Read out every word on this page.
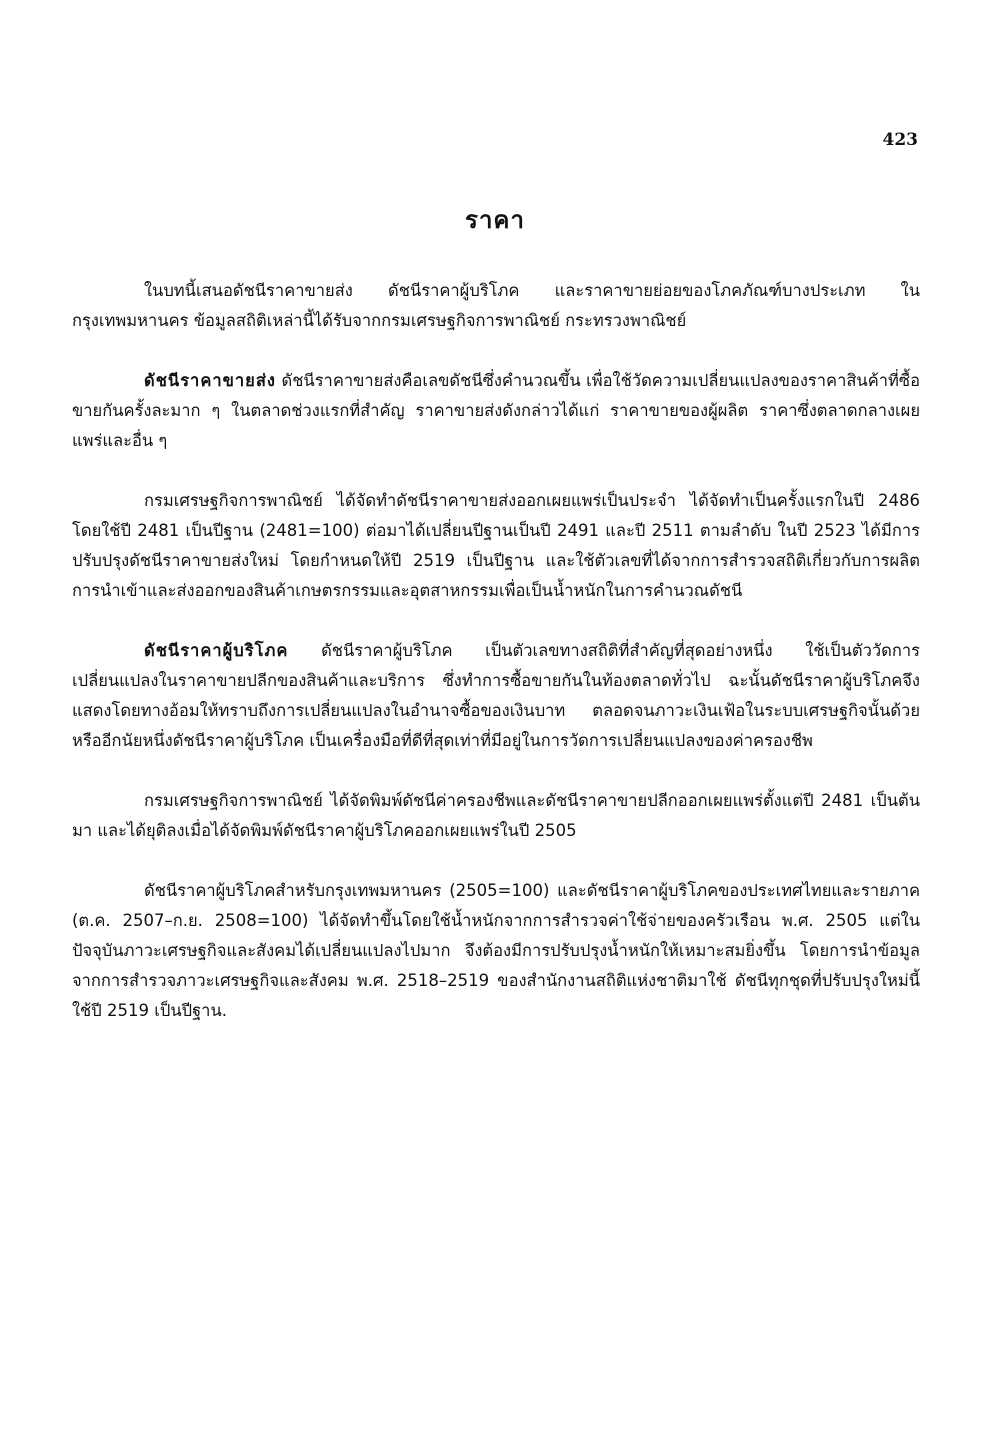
423
ราคา

ในบทนี้เสนอดัชนีราคาขายส่ง ดัชนีราคาผู้บริโภค และราคาขายย่อยของโภคภัณฑ์บางประเภท ในกรุงเทพมหานคร ข้อมูลสถิติเหล่านี้ได้รับจากกรมเศรษฐกิจการพาณิชย์ กระทรวงพาณิชย์

ดัชนีราคาขายส่ง ดัชนีราคาขายส่งคือเลขดัชนีซึ่งคำนวณขึ้น เพื่อใช้วัดความเปลี่ยนแปลงของราคาสินค้าที่ซื้อขายกันครั้งละมาก ๆ ในตลาดช่วงแรกที่สำคัญ ราคาขายส่งดังกล่าวได้แก่ ราคาขายของผู้ผลิต ราคาซึ่งตลาดกลางเผยแพร่และอื่น ๆ

กรมเศรษฐกิจการพาณิชย์ ได้จัดทำดัชนีราคาขายส่งออกเผยแพร่เป็นประจำ ได้จัดทำเป็นครั้งแรกในปี 2486 โดยใช้ปี 2481 เป็นปีฐาน (2481=100) ต่อมาได้เปลี่ยนปีฐานเป็นปี 2491 และปี 2511 ตามลำดับ ในปี 2523 ได้มีการปรับปรุงดัชนีราคาขายส่งใหม่ โดยกำหนดให้ปี 2519 เป็นปีฐาน และใช้ตัวเลขที่ได้จากการสำรวจสถิติเกี่ยวกับการผลิต การนำเข้าและส่งออกของสินค้าเกษตรกรรมและอุตสาหกรรมเพื่อเป็นน้ำหนักในการคำนวณดัชนี

ดัชนีราคาผู้บริโภค ดัชนีราคาผู้บริโภค เป็นตัวเลขทางสถิติที่สำคัญที่สุดอย่างหนึ่ง ใช้เป็นตัววัดการเปลี่ยนแปลงในราคาขายปลีกของสินค้าและบริการ ซึ่งทำการซื้อขายกันในท้องตลาดทั่วไป ฉะนั้นดัชนีราคาผู้บริโภคจึงแสดงโดยทางอ้อมให้ทราบถึงการเปลี่ยนแปลงในอำนาจซื้อของเงินบาท ตลอดจนภาวะเงินเฟ้อในระบบเศรษฐกิจนั้นด้วย หรืออีกนัยหนึ่งดัชนีราคาผู้บริโภค เป็นเครื่องมือที่ดีที่สุดเท่าที่มีอยู่ในการวัดการเปลี่ยนแปลงของค่าครองชีพ

กรมเศรษฐกิจการพาณิชย์ ได้จัดพิมพ์ดัชนีค่าครองชีพและดัชนีราคาขายปลีกออกเผยแพร่ตั้งแต่ปี 2481 เป็นต้นมา และได้ยุติลงเมื่อได้จัดพิมพ์ดัชนีราคาผู้บริโภคออกเผยแพร่ในปี 2505

ดัชนีราคาผู้บริโภคสำหรับกรุงเทพมหานคร (2505=100) และดัชนีราคาผู้บริโภคของประเทศไทยและรายภาค (ต.ค. 2507–ก.ย. 2508=100) ได้จัดทำขึ้นโดยใช้น้ำหนักจากการสำรวจค่าใช้จ่ายของครัวเรือน พ.ศ. 2505 แต่ในปัจจุบันภาวะเศรษฐกิจและสังคมได้เปลี่ยนแปลงไปมาก จึงต้องมีการปรับปรุงน้ำหนักให้เหมาะสมยิ่งขึ้น โดยการนำข้อมูลจากการสำรวจภาวะเศรษฐกิจและสังคม พ.ศ. 2518–2519 ของสำนักงานสถิติแห่งชาติมาใช้ ดัชนีทุกชุดที่ปรับปรุงใหม่นี้ ใช้ปี 2519 เป็นปีฐาน.
